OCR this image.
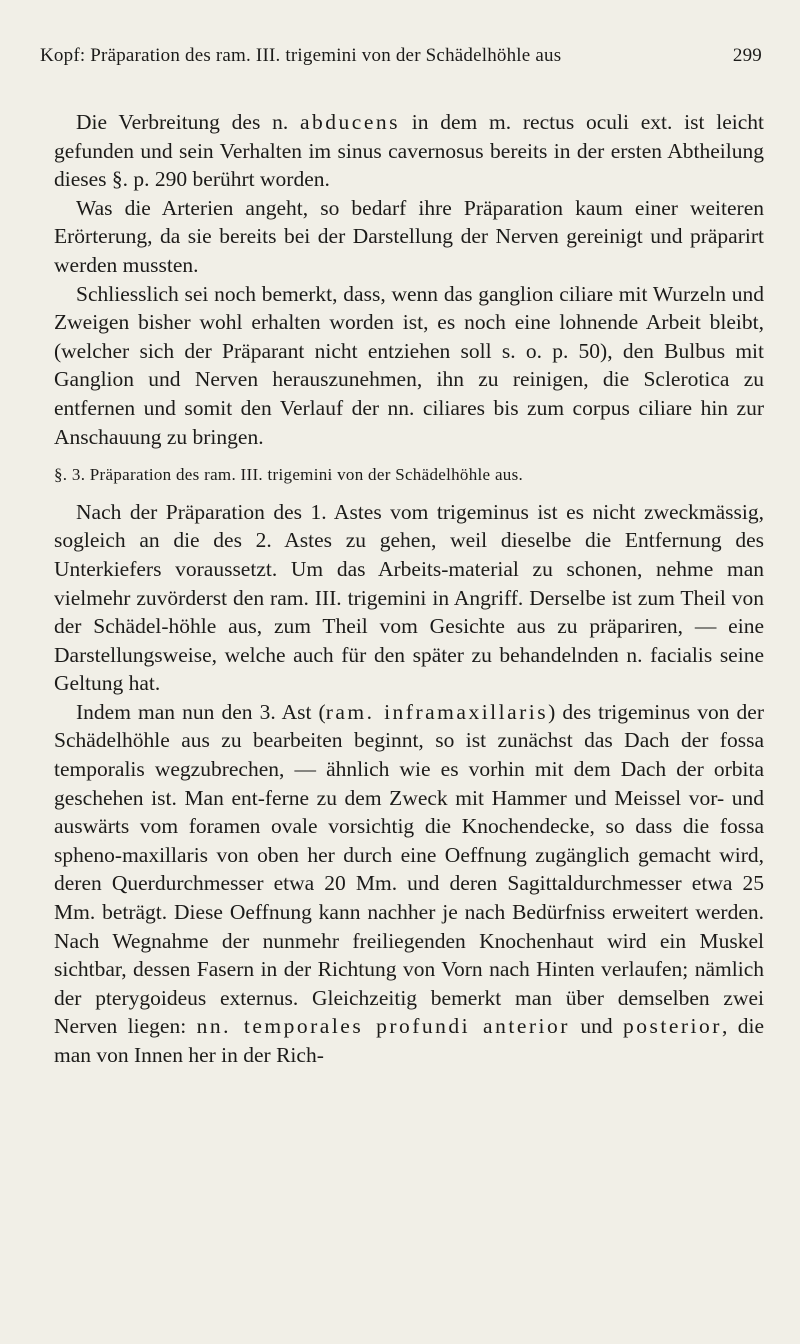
Kopf: Präparation des ram. III. trigemini von der Schädelhöhle aus	299

Die Verbreitung des n. abducens in dem m. rectus oculi ext. ist leicht gefunden und sein Verhalten im sinus cavernosus bereits in der ersten Abtheilung dieses §. p. 290 berührt worden.

Was die Arterien angeht, so bedarf ihre Präparation kaum einer weiteren Erörterung, da sie bereits bei der Darstellung der Nerven gereinigt und präparirt werden mussten.

Schliesslich sei noch bemerkt, dass, wenn das ganglion ciliare mit Wurzeln und Zweigen bisher wohl erhalten worden ist, es noch eine lohnende Arbeit bleibt, (welcher sich der Präparant nicht entziehen soll s. o. p. 50), den Bulbus mit Ganglion und Nerven herauszunehmen, ihn zu reinigen, die Sclerotica zu entfernen und somit den Verlauf der nn. ciliares bis zum corpus ciliare hin zur Anschauung zu bringen.

§. 3. Präparation des ram. III. trigemini von der Schädelhöhle aus.

Nach der Präparation des 1. Astes vom trigeminus ist es nicht zweckmässig, sogleich an die des 2. Astes zu gehen, weil dieselbe die Entfernung des Unterkiefers voraussetzt. Um das Arbeits-material zu schonen, nehme man vielmehr zuvörderst den ram. III. trigemini in Angriff. Derselbe ist zum Theil von der Schädel-höhle aus, zum Theil vom Gesichte aus zu präpariren, — eine Darstellungsweise, welche auch für den später zu behandelnden n. facialis seine Geltung hat.

Indem man nun den 3. Ast (ram. inframaxillaris) des trigeminus von der Schädelhöhle aus zu bearbeiten beginnt, so ist zunächst das Dach der fossa temporalis wegzubrechen, — ähnlich wie es vorhin mit dem Dach der orbita geschehen ist. Man ent-ferne zu dem Zweck mit Hammer und Meissel vor- und auswärts vom foramen ovale vorsichtig die Knochendecke, so dass die fossa spheno-maxillaris von oben her durch eine Oeffnung zugänglich gemacht wird, deren Querdurchmesser etwa 20 Mm. und deren Sagittaldurchmesser etwa 25 Mm. beträgt. Diese Oeffnung kann nachher je nach Bedürfniss erweitert werden. Nach Wegnahme der nunmehr freiliegenden Knochenhaut wird ein Muskel sichtbar, dessen Fasern in der Richtung von Vorn nach Hinten verlaufen; nämlich der pterygoideus externus. Gleichzeitig bemerkt man über demselben zwei Nerven liegen: nn. temporales profundi anterior und posterior, die man von Innen her in der Rich-
